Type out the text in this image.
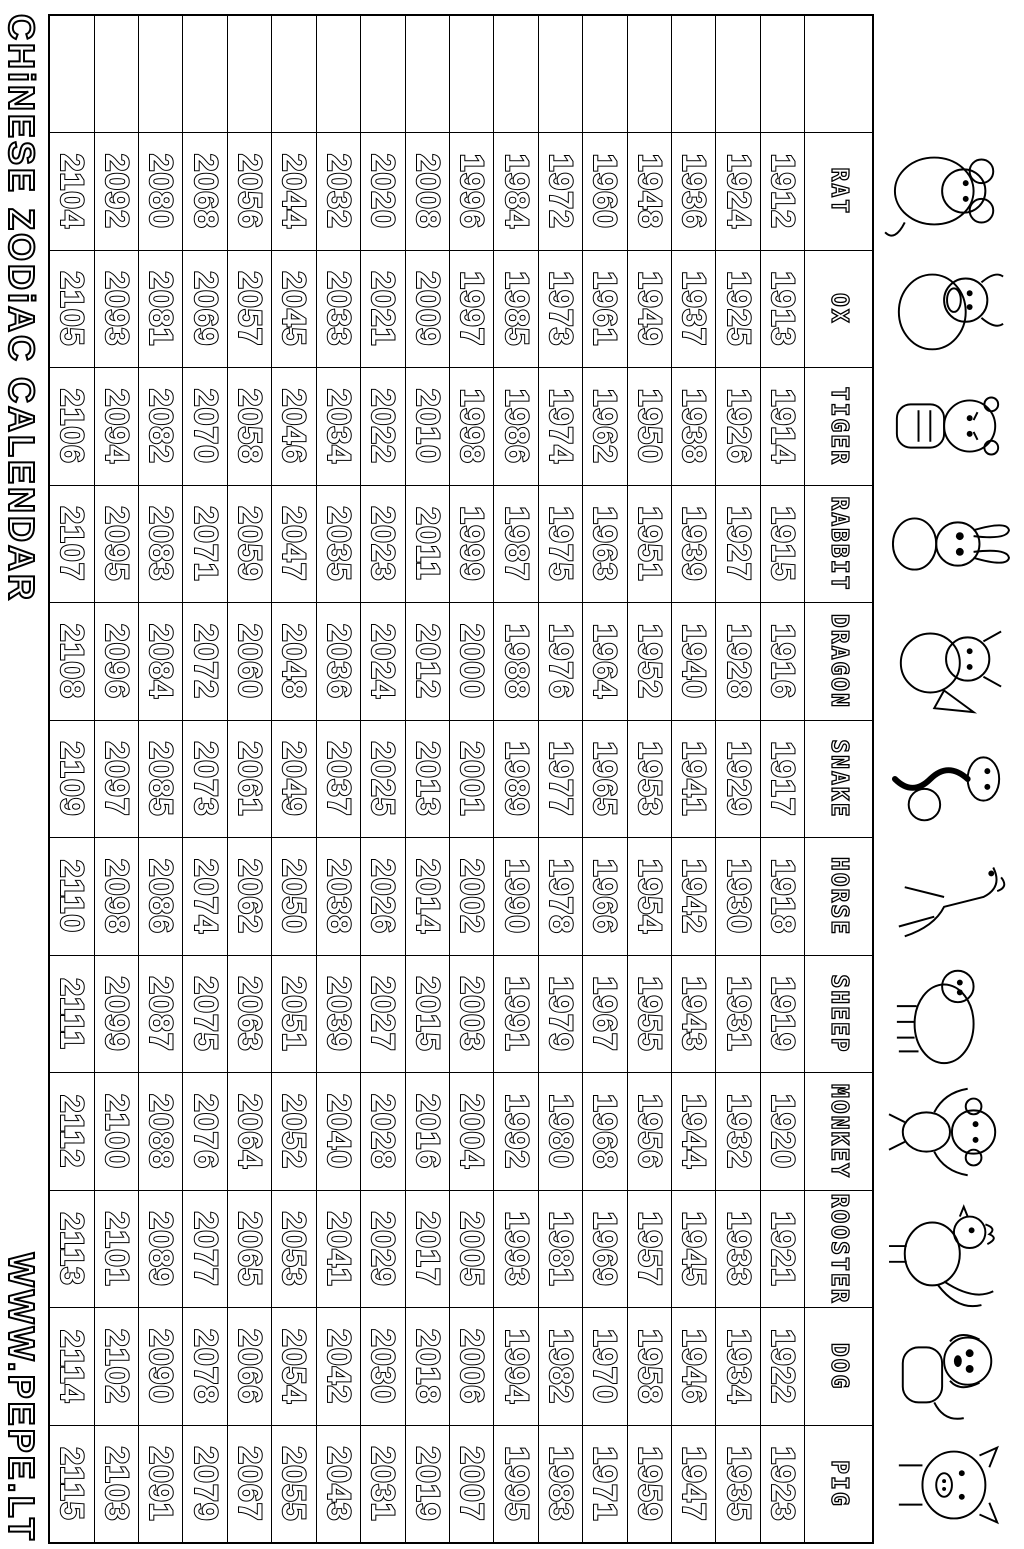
	RAT	OX	TIGER	RABBIT	DRAGON	SNAKE	HORSE	SHEEP	MONKEY	ROOSTER	DOG	PIG
	1912	1913	1914	1915	1916	1917	1918	1919	1920	1921	1922	1923
	1924	1925	1926	1927	1928	1929	1930	1931	1932	1933	1934	1935
	1936	1937	1938	1939	1940	1941	1942	1943	1944	1945	1946	1947
	1948	1949	1950	1951	1952	1953	1954	1955	1956	1957	1958	1959
	1960	1961	1962	1963	1964	1965	1966	1967	1968	1969	1970	1971
	1972	1973	1974	1975	1976	1977	1978	1979	1980	1981	1982	1983
	1984	1985	1986	1987	1988	1989	1990	1991	1992	1993	1994	1995
	1996	1997	1998	1999	2000	2001	2002	2003	2004	2005	2006	2007
	2008	2009	2010	2011	2012	2013	2014	2015	2016	2017	2018	2019
	2020	2021	2022	2023	2024	2025	2026	2027	2028	2029	2030	2031
	2032	2033	2034	2035	2036	2037	2038	2039	2040	2041	2042	2043
	2044	2045	2046	2047	2048	2049	2050	2051	2052	2053	2054	2055
	2056	2057	2058	2059	2060	2061	2062	2063	2064	2065	2066	2067
	2068	2069	2070	2071	2072	2073	2074	2075	2076	2077	2078	2079
	2080	2081	2082	2083	2084	2085	2086	2087	2088	2089	2090	2091
	2092	2093	2094	2095	2096	2097	2098	2099	2100	2101	2102	2103
	2104	2105	2106	2107	2108	2109	2110	2111	2112	2113	2114	2115
CHiNESE ZODiAC CALENDAR
WWW.PEPE.LT
